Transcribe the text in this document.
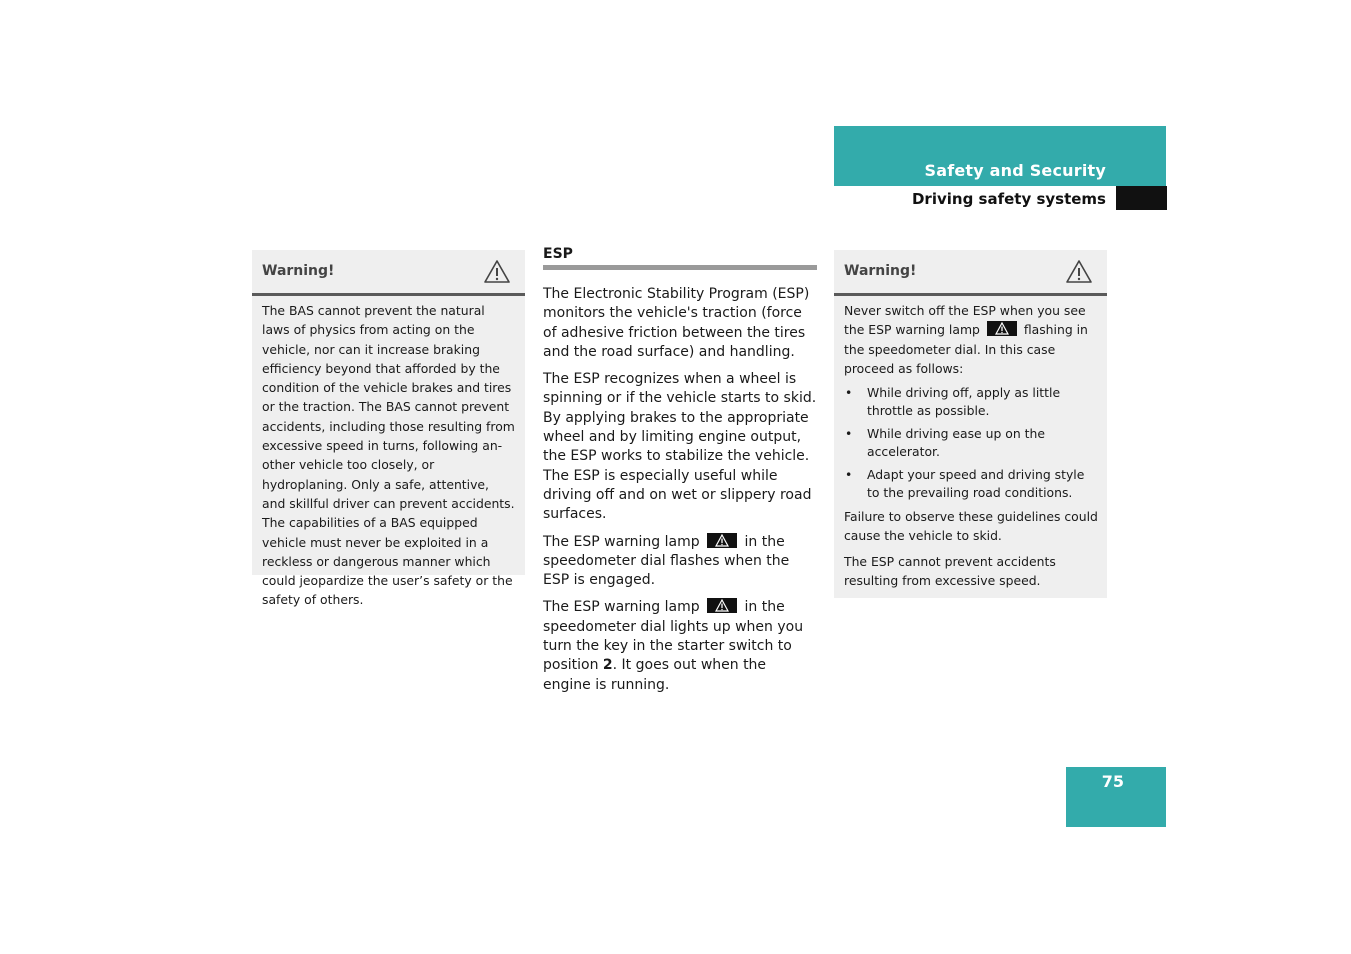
Safety and Security
Driving safety systems
Warning!

The BAS cannot prevent the natural laws of physics from acting on the vehicle, nor can it increase braking efficiency beyond that afforded by the condition of the vehicle brakes and tires or the traction. The BAS cannot prevent accidents, including those resulting from excessive speed in turns, following another vehicle too closely, or hydroplaning. Only a safe, attentive, and skillful driver can prevent accidents. The capabilities of a BAS equipped vehicle must never be exploited in a reckless or dangerous manner which could jeopardize the user’s safety or the safety of others.

ESP

The Electronic Stability Program (ESP) monitors the vehicle's traction (force of adhesive friction between the tires and the road surface) and handling.

The ESP recognizes when a wheel is spinning or if the vehicle starts to skid. By applying brakes to the appropriate wheel and by limiting engine output, the ESP works to stabilize the vehicle. The ESP is especially useful while driving off and on wet or slippery road surfaces.

The ESP warning lamp	in the speedometer dial flashes when the ESP is engaged.

The ESP warning lamp	in the speedometer dial lights up when you turn the key in the starter switch to position 2. It goes out when the engine is running.

Warning!

Never switch off the ESP when you see the ESP warning lamp	flashing in the speedometer dial. In this case proceed as follows:

• While driving off, apply as little throttle as possible.
• While driving ease up on the accelerator.
• Adapt your speed and driving style to the prevailing road conditions.

Failure to observe these guidelines could cause the vehicle to skid.

The ESP cannot prevent accidents resulting from excessive speed.

75
